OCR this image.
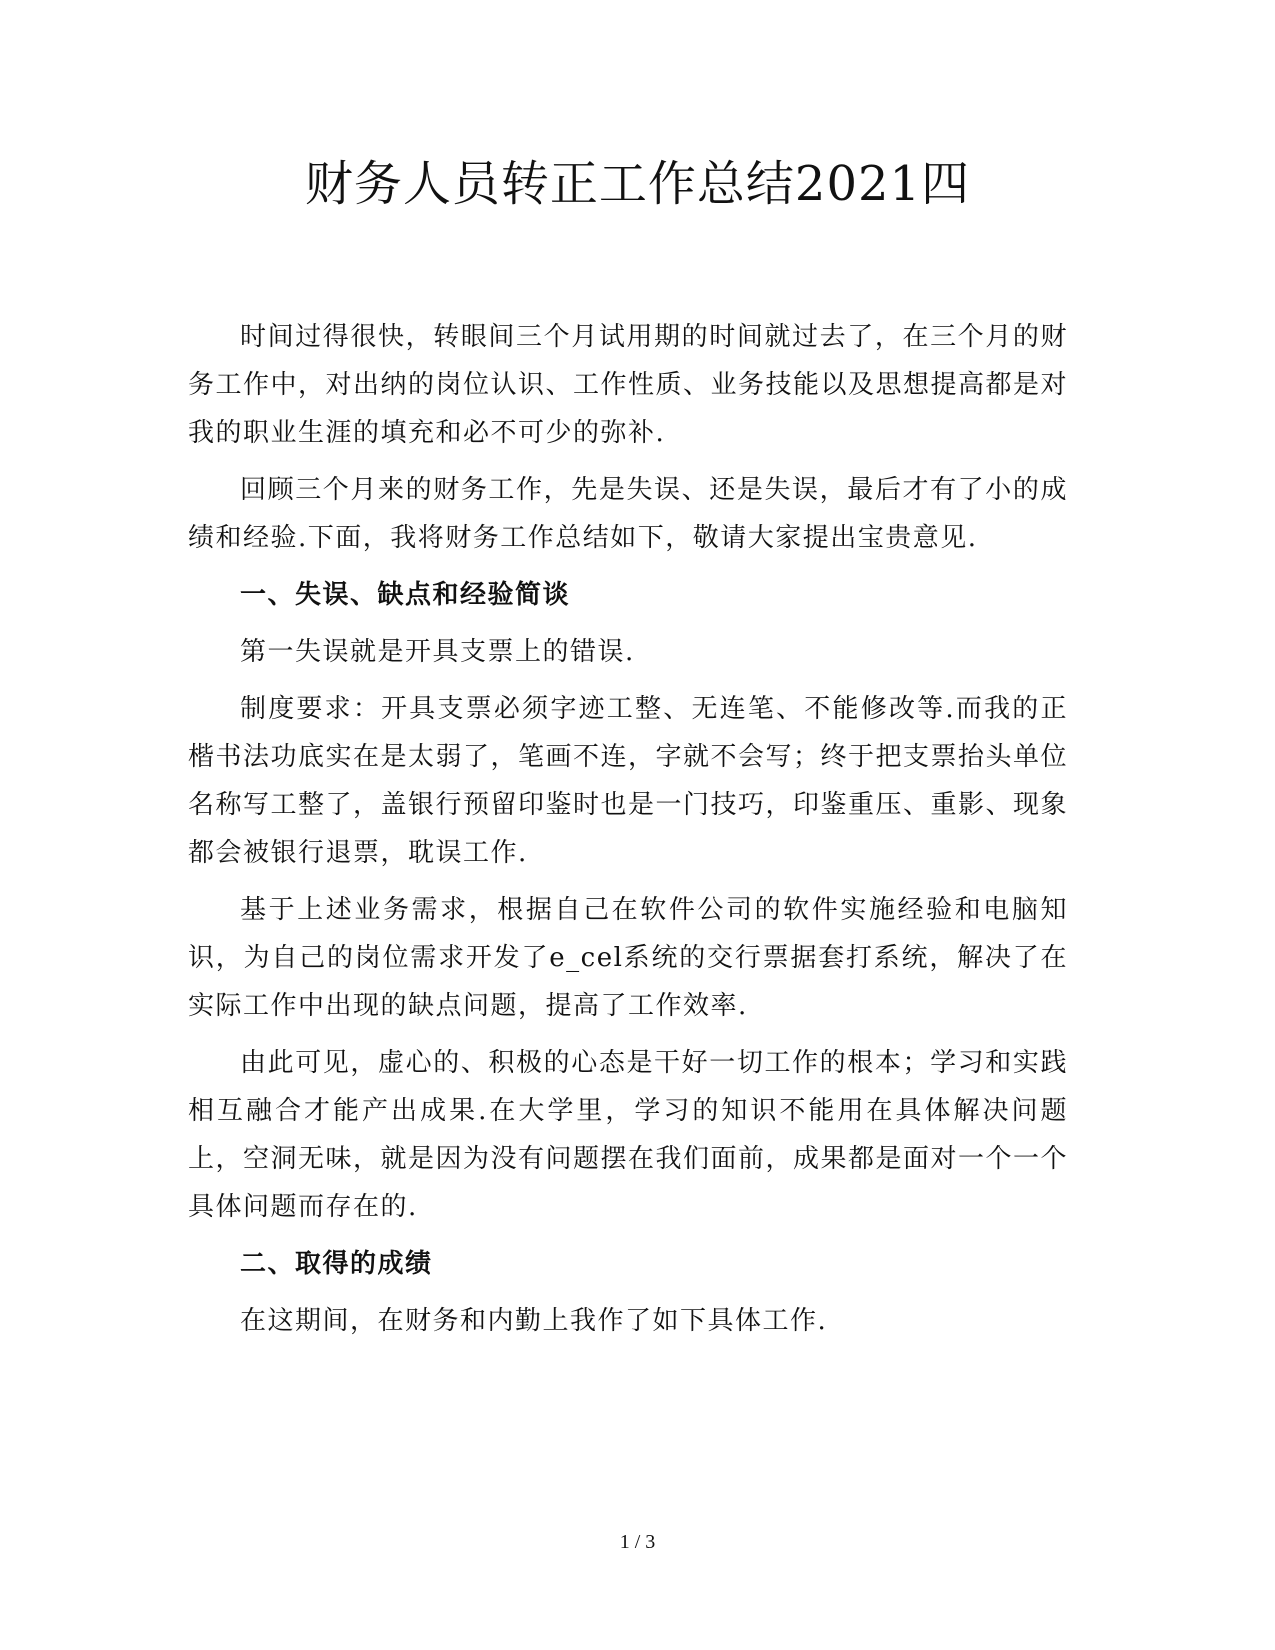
财务人员转正工作总结2021四

时间过得很快，转眼间三个月试用期的时间就过去了，在三个月的财务工作中，对出纳的岗位认识、工作性质、业务技能以及思想提高都是对我的职业生涯的填充和必不可少的弥补.

回顾三个月来的财务工作，先是失误、还是失误，最后才有了小的成绩和经验.下面，我将财务工作总结如下，敬请大家提出宝贵意见.

一、失误、缺点和经验简谈

第一失误就是开具支票上的错误.

制度要求：开具支票必须字迹工整、无连笔、不能修改等.而我的正楷书法功底实在是太弱了，笔画不连，字就不会写；终于把支票抬头单位名称写工整了，盖银行预留印鉴时也是一门技巧，印鉴重压、重影、现象都会被银行退票，耽误工作.

基于上述业务需求，根据自己在软件公司的软件实施经验和电脑知识，为自己的岗位需求开发了e_cel系统的交行票据套打系统，解决了在实际工作中出现的缺点问题，提高了工作效率.

由此可见，虚心的、积极的心态是干好一切工作的根本；学习和实践相互融合才能产出成果.在大学里，学习的知识不能用在具体解决问题上，空洞无味，就是因为没有问题摆在我们面前，成果都是面对一个一个具体问题而存在的.

二、取得的成绩

在这期间，在财务和内勤上我作了如下具体工作.

1 / 3
